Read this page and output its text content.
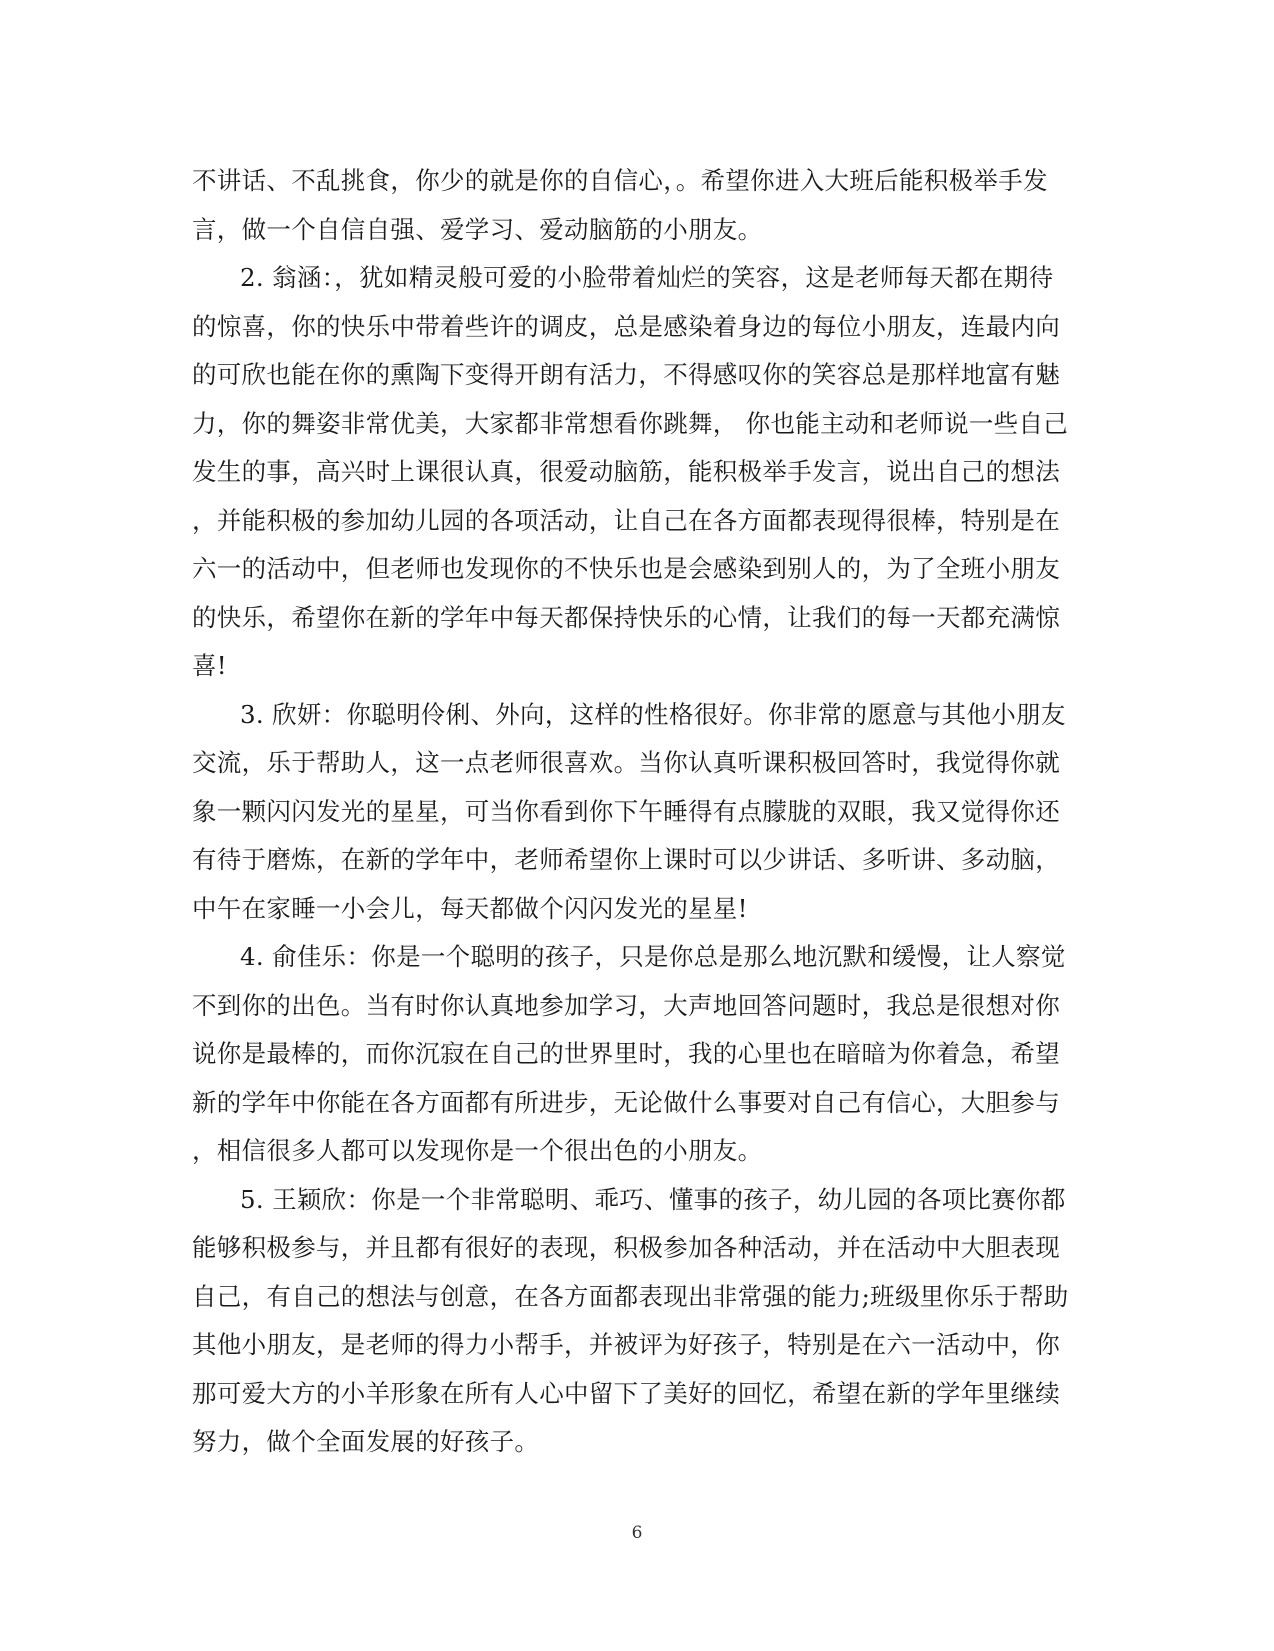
不讲话、不乱挑食，你少的就是你的自信心，。希望你进入大班后能积极举手发
言，做一个自信自强、爱学习、爱动脑筋的小朋友。
2. 翁涵：，犹如精灵般可爱的小脸带着灿烂的笑容，这是老师每天都在期待
的惊喜，你的快乐中带着些许的调皮，总是感染着身边的每位小朋友，连最内向
的可欣也能在你的熏陶下变得开朗有活力，不得感叹你的笑容总是那样地富有魅
力，你的舞姿非常优美，大家都非常想看你跳舞， 你也能主动和老师说一些自己
发生的事，高兴时上课很认真，很爱动脑筋，能积极举手发言，说出自己的想法
，并能积极的参加幼儿园的各项活动，让自己在各方面都表现得很棒，特别是在
六一的活动中，但老师也发现你的不快乐也是会感染到别人的，为了全班小朋友
的快乐，希望你在新的学年中每天都保持快乐的心情，让我们的每一天都充满惊
喜!
3. 欣妍：你聪明伶俐、外向，这样的性格很好。你非常的愿意与其他小朋友
交流，乐于帮助人，这一点老师很喜欢。当你认真听课积极回答时，我觉得你就
象一颗闪闪发光的星星，可当你看到你下午睡得有点朦胧的双眼，我又觉得你还
有待于磨炼，在新的学年中，老师希望你上课时可以少讲话、多听讲、多动脑，
中午在家睡一小会儿，每天都做个闪闪发光的星星!
4. 俞佳乐：你是一个聪明的孩子，只是你总是那么地沉默和缓慢，让人察觉
不到你的出色。当有时你认真地参加学习，大声地回答问题时，我总是很想对你
说你是最棒的，而你沉寂在自己的世界里时，我的心里也在暗暗为你着急，希望
新的学年中你能在各方面都有所进步，无论做什么事要对自己有信心，大胆参与
，相信很多人都可以发现你是一个很出色的小朋友。
5. 王颖欣：你是一个非常聪明、乖巧、懂事的孩子，幼儿园的各项比赛你都
能够积极参与，并且都有很好的表现，积极参加各种活动，并在活动中大胆表现
自己，有自己的想法与创意，在各方面都表现出非常强的能力;班级里你乐于帮助
其他小朋友，是老师的得力小帮手，并被评为好孩子，特别是在六一活动中，你
那可爱大方的小羊形象在所有人心中留下了美好的回忆，希望在新的学年里继续
努力，做个全面发展的好孩子。
6
